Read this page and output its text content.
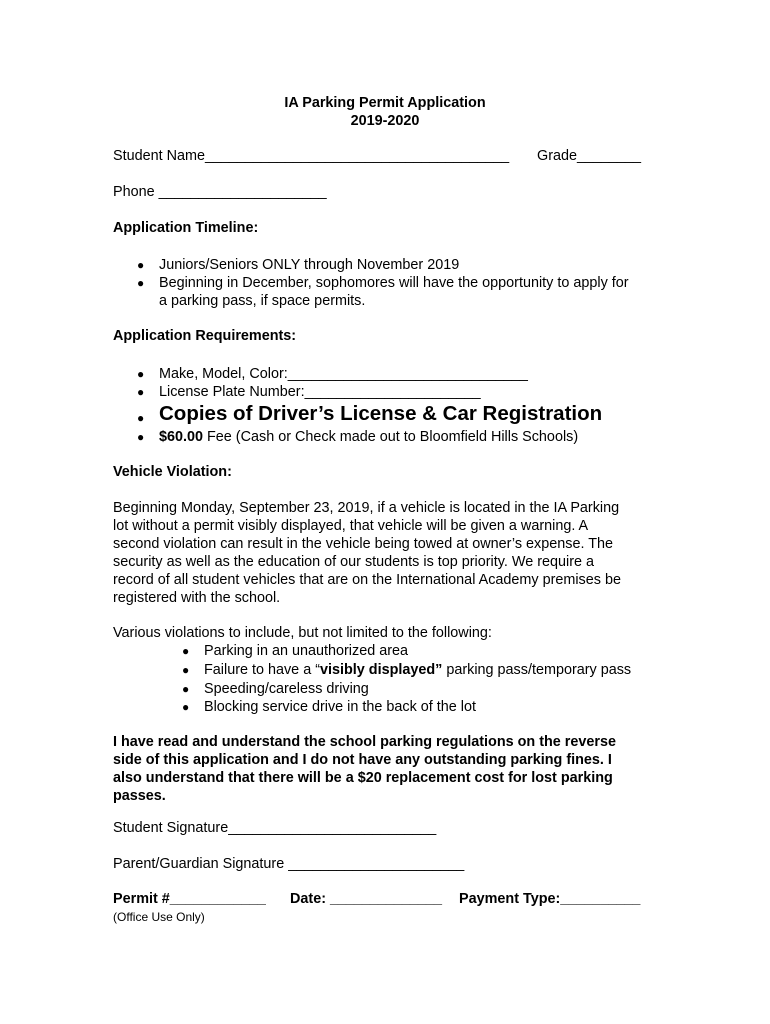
IA Parking Permit Application
2019-2020
Student Name______________________________________ Grade________
Phone _____________________
Application Timeline:
● Juniors/Seniors ONLY through November 2019
● Beginning in December, sophomores will have the opportunity to apply for
a parking pass, if space permits.
Application Requirements:
● Make, Model, Color:______________________________
● License Plate Number:______________________
● Copies of Driver’s License & Car Registration
● $60.00 Fee (Cash or Check made out to Bloomfield Hills Schools)
Vehicle Violation:
Beginning Monday, September 23, 2019, if a vehicle is located in the IA Parking
lot without a permit visibly displayed, that vehicle will be given a warning. A
second violation can result in the vehicle being towed at owner’s expense. The
security as well as the education of our students is top priority. We require a
record of all student vehicles that are on the International Academy premises be
registered with the school.
Various violations to include, but not limited to the following:
● Parking in an unauthorized area
● Failure to have a “visibly displayed” parking pass/temporary pass
● Speeding/careless driving
● Blocking service drive in the back of the lot
I have read and understand the school parking regulations on the reverse
side of this application and I do not have any outstanding parking fines. I
also understand that there will be a $20 replacement cost for lost parking
passes.
Student Signature__________________________
Parent/Guardian Signature ______________________
Permit #____________ Date: ______________ Payment Type:__________
(Office Use Only)
